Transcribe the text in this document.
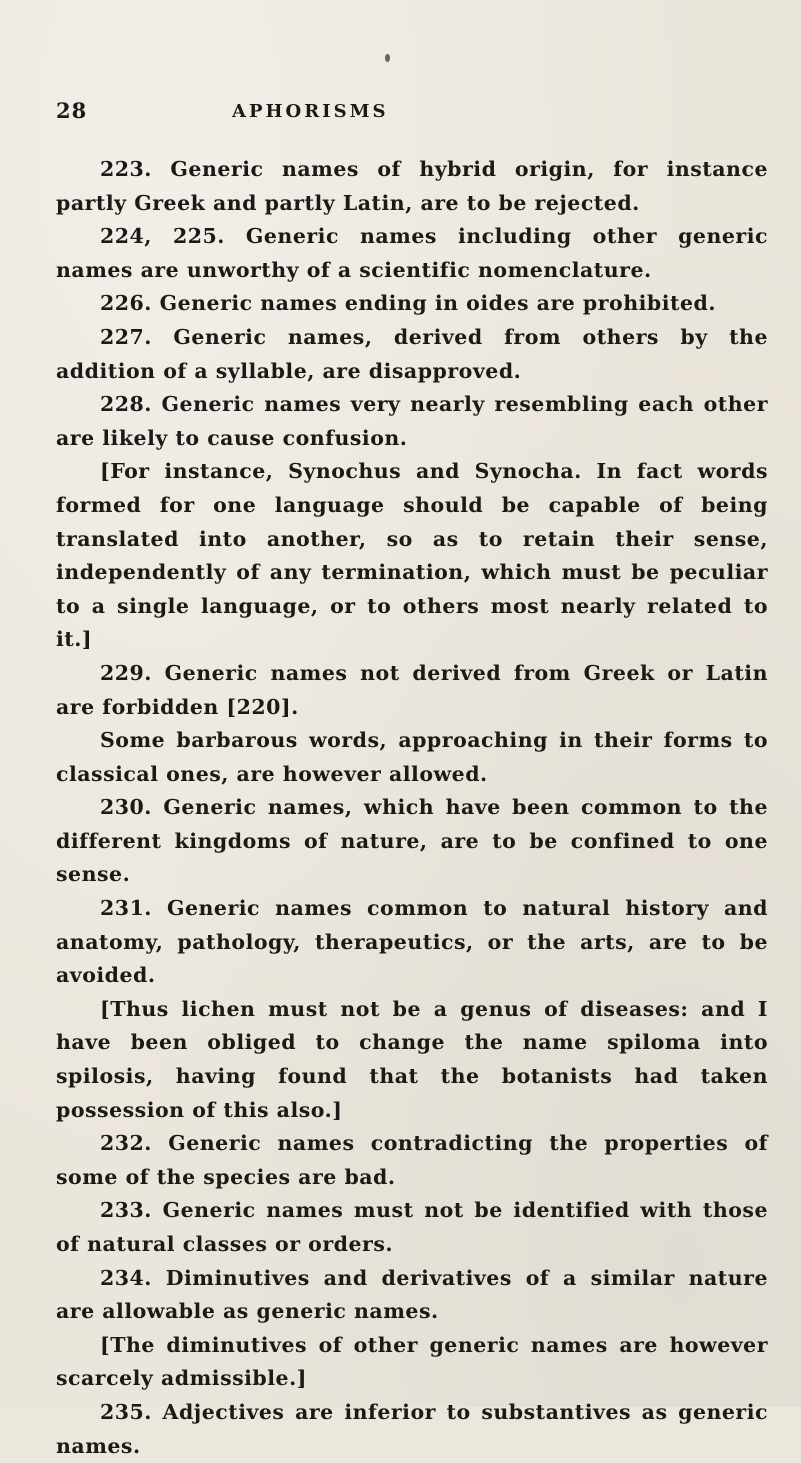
28	APHORISMS

223. Generic names of hybrid origin, for instance partly Greek and partly Latin, are to be rejected.

224, 225. Generic names including other generic names are unworthy of a scientific nomenclature.

226. Generic names ending in oides are prohibited.

227. Generic names, derived from others by the addition of a syllable, are disapproved.

228. Generic names very nearly resembling each other are likely to cause confusion.

[For instance, Synochus and Synocha. In fact words formed for one language should be capable of being translated into another, so as to retain their sense, independently of any termination, which must be peculiar to a single language, or to others most nearly related to it.]

229. Generic names not derived from Greek or Latin are forbidden [220].

Some barbarous words, approaching in their forms to classical ones, are however allowed.

230. Generic names, which have been common to the different kingdoms of nature, are to be confined to one sense.

231. Generic names common to natural history and anatomy, pathology, therapeutics, or the arts, are to be avoided.

[Thus lichen must not be a genus of diseases: and I have been obliged to change the name spiloma into spilosis, having found that the botanists had taken possession of this also.]

232. Generic names contradicting the properties of some of the species are bad.

233. Generic names must not be identified with those of natural classes or orders.

234. Diminutives and derivatives of a similar nature are allowable as generic names.

[The diminutives of other generic names are however scarcely admissible.]

235. Adjectives are inferior to substantives as generic names.
